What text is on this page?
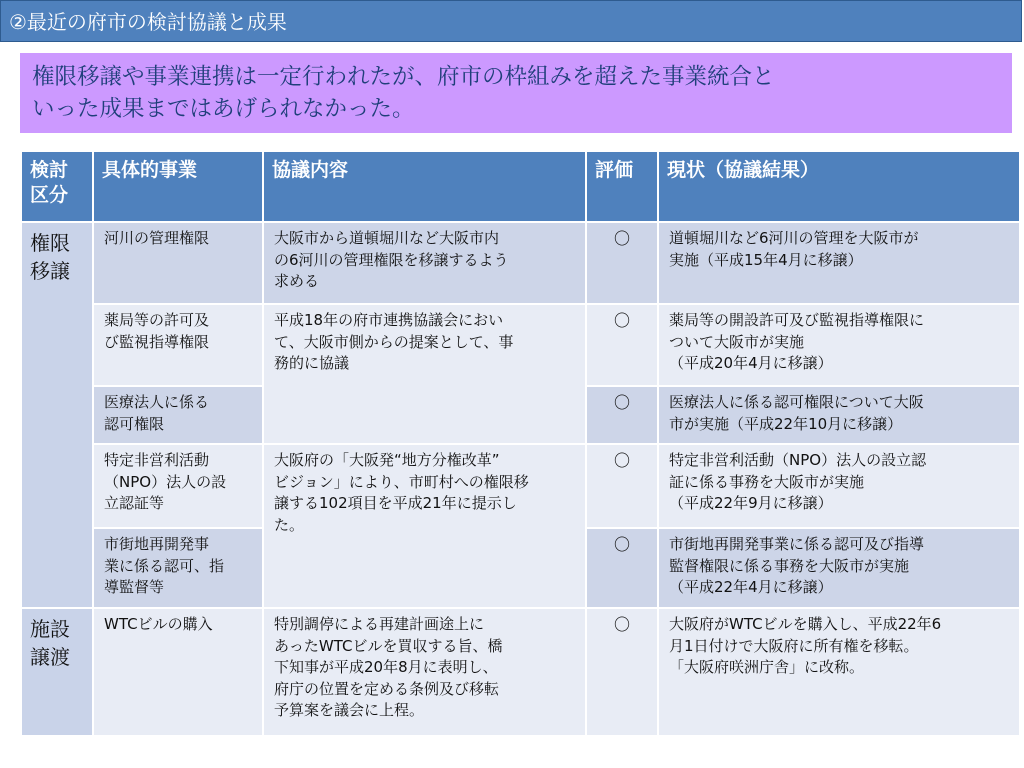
②最近の府市の検討協議と成果
権限移譲や事業連携は一定行われたが、府市の枠組みを超えた事業統合と
いった成果まではあげられなかった。
検討
区分	具体的事業	協議内容	評価	現状（協議結果）

権限
移譲	河川の管理権限	大阪市から道頓堀川など大阪市内
の6河川の管理権限を移譲するよう
求める	〇	道頓堀川など6河川の管理を大阪市が
実施（平成15年4月に移譲）

	薬局等の許可及
び監視指導権限	平成18年の府市連携協議会におい
て、大阪市側からの提案として、事
務的に協議	〇	薬局等の開設許可及び監視指導権限に
ついて大阪市が実施
（平成20年4月に移譲）

	医療法人に係る
認可権限		〇	医療法人に係る認可権限について大阪
市が実施（平成22年10月に移譲）

	特定非営利活動
（NPO）法人の設
立認証等	大阪府の「大阪発“地方分権改革”
ビジョン」により、市町村への権限移
譲する102項目を平成21年に提示し
た。	〇	特定非営利活動（NPO）法人の設立認
証に係る事務を大阪市が実施
（平成22年9月に移譲）

	市街地再開発事
業に係る認可、指
導監督等		〇	市街地再開発事業に係る認可及び指導
監督権限に係る事務を大阪市が実施
（平成22年4月に移譲）

施設
譲渡	WTCビルの購入	特別調停による再建計画途上に
あったWTCビルを買収する旨、橋
下知事が平成20年8月に表明し、
府庁の位置を定める条例及び移転
予算案を議会に上程。	〇	大阪府がWTCビルを購入し、平成22年6
月1日付けで大阪府に所有権を移転。
「大阪府咲洲庁舎」に改称。
